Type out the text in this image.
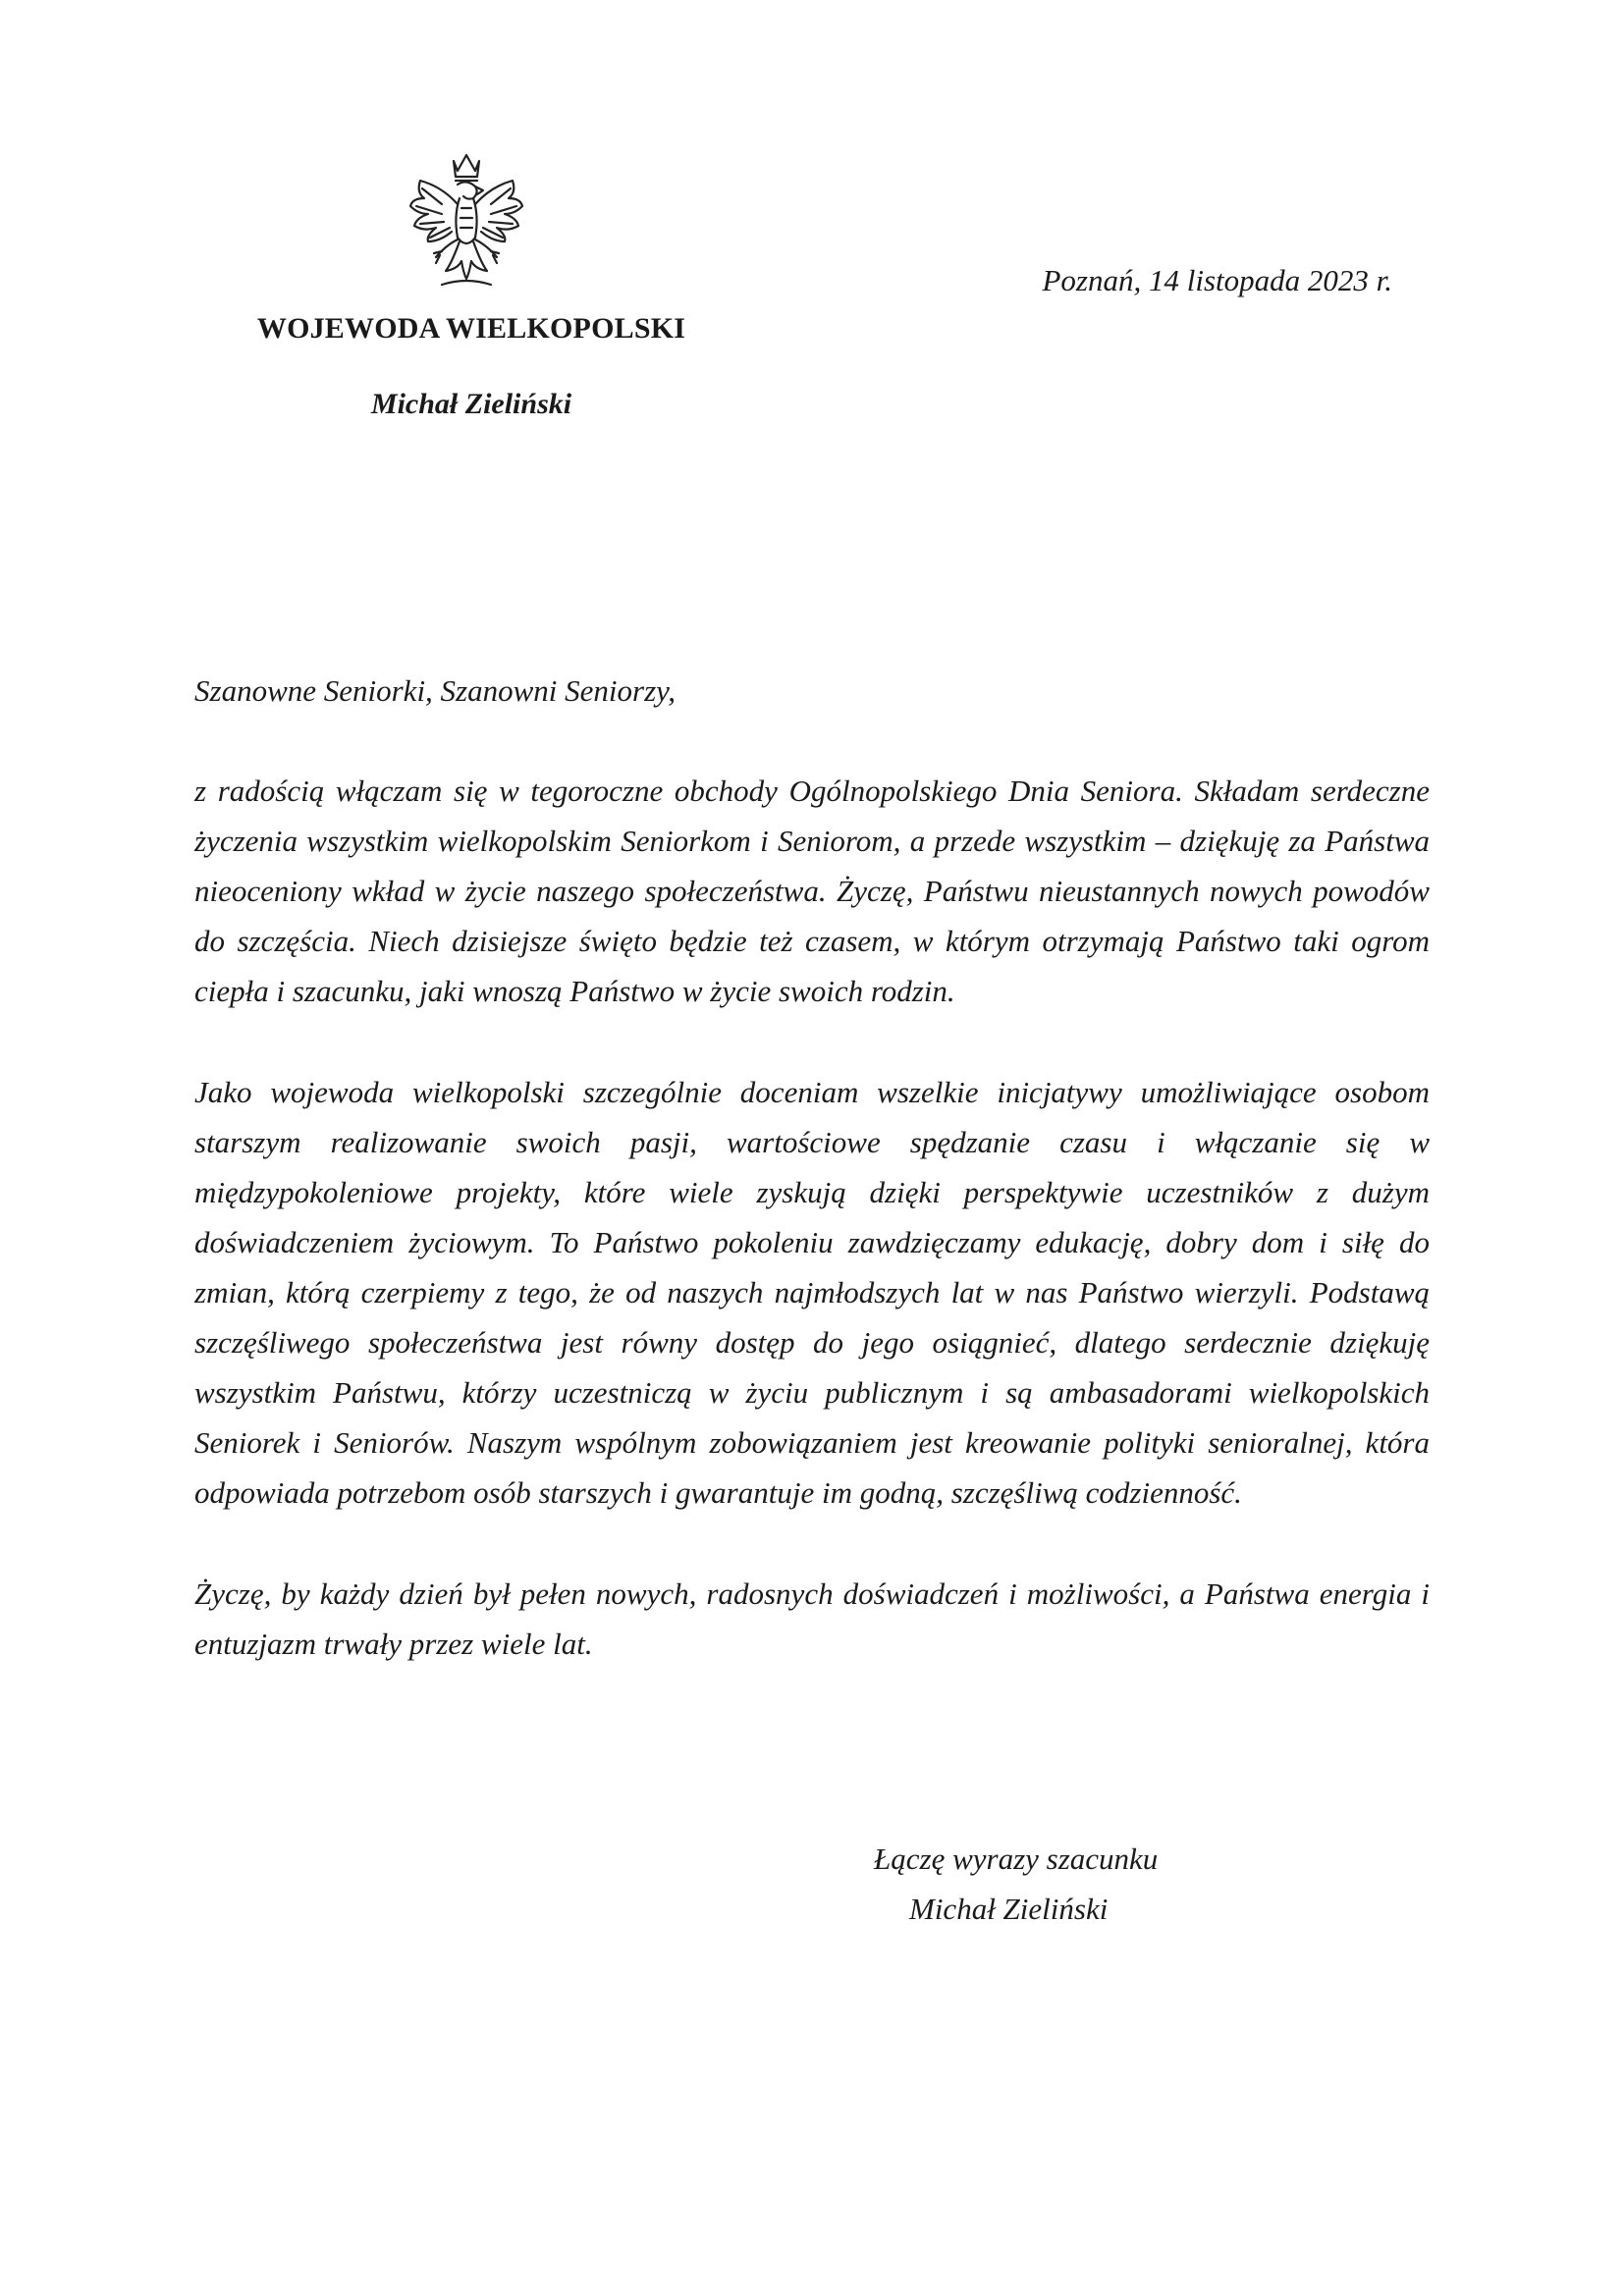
WOJEWODA WIELKOPOLSKI
Michał Zieliński
Poznań, 14 listopada 2023 r.

Szanowne Seniorki, Szanowni Seniorzy,

z radością włączam się w tegoroczne obchody Ogólnopolskiego Dnia Seniora. Składam serdeczne życzenia wszystkim wielkopolskim Seniorkom i Seniorom, a przede wszystkim – dziękuję za Państwa nieoceniony wkład w życie naszego społeczeństwa. Życzę, Państwu nieustannych nowych powodów do szczęścia. Niech dzisiejsze święto będzie też czasem, w którym otrzymają Państwo taki ogrom ciepła i szacunku, jaki wnoszą Państwo w życie swoich rodzin.

Jako wojewoda wielkopolski szczególnie doceniam wszelkie inicjatywy umożliwiające osobom starszym realizowanie swoich pasji, wartościowe spędzanie czasu i włączanie się w międzypokoleniowe projekty, które wiele zyskują dzięki perspektywie uczestników z dużym doświadczeniem życiowym. To Państwo pokoleniu zawdzięczamy edukację, dobry dom i siłę do zmian, którą czerpiemy z tego, że od naszych najmłodszych lat w nas Państwo wierzyli. Podstawą szczęśliwego społeczeństwa jest równy dostęp do jego osiągnieć, dlatego serdecznie dziękuję wszystkim Państwu, którzy uczestniczą w życiu publicznym i są ambasadorami wielkopolskich Seniorek i Seniorów. Naszym wspólnym zobowiązaniem jest kreowanie polityki senioralnej, która odpowiada potrzebom osób starszych i gwarantuje im godną, szczęśliwą codzienność.

Życzę, by każdy dzień był pełen nowych, radosnych doświadczeń i możliwości, a Państwa energia i entuzjazm trwały przez wiele lat.

Łączę wyrazy szacunku
Michał Zieliński
